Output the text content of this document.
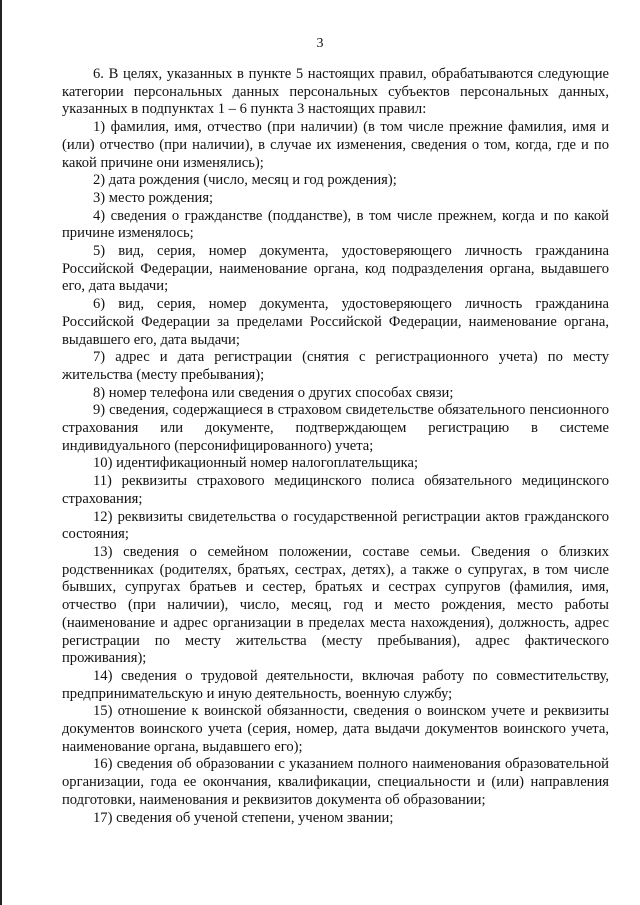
3

6. В целях, указанных в пункте 5 настоящих правил, обрабатываются следующие категории персональных данных персональных субъектов персональных данных, указанных в подпунктах 1 – 6 пункта 3 настоящих правил:

1) фамилия, имя, отчество (при наличии) (в том числе прежние фамилия, имя и (или) отчество (при наличии), в случае их изменения, сведения о том, когда, где и по какой причине они изменялись);

2) дата рождения (число, месяц и год рождения);

3) место рождения;

4) сведения о гражданстве (подданстве), в том числе прежнем, когда и по какой причине изменялось;

5) вид, серия, номер документа, удостоверяющего личность гражданина Российской Федерации, наименование органа, код подразделения органа, выдавшего его, дата выдачи;

6) вид, серия, номер документа, удостоверяющего личность гражданина Российской Федерации за пределами Российской Федерации, наименование органа, выдавшего его, дата выдачи;

7) адрес и дата регистрации (снятия с регистрационного учета) по месту жительства (месту пребывания);

8) номер телефона или сведения о других способах связи;

9) сведения, содержащиеся в страховом свидетельстве обязательного пенсионного страхования или документе, подтверждающем регистрацию в системе индивидуального (персонифицированного) учета;

10) идентификационный номер налогоплательщика;

11) реквизиты страхового медицинского полиса обязательного медицинского страхования;

12) реквизиты свидетельства о государственной регистрации актов гражданского состояния;

13) сведения о семейном положении, составе семьи. Сведения о близких родственниках (родителях, братьях, сестрах, детях), а также о супругах, в том числе бывших, супругах братьев и сестер, братьях и сестрах супругов (фамилия, имя, отчество (при наличии), число, месяц, год и место рождения, место работы (наименование и адрес организации в пределах места нахождения), должность, адрес регистрации по месту жительства (месту пребывания), адрес фактического проживания);

14) сведения о трудовой деятельности, включая работу по совместительству, предпринимательскую и иную деятельность, военную службу;

15) отношение к воинской обязанности, сведения о воинском учете и реквизиты документов воинского учета (серия, номер, дата выдачи документов воинского учета, наименование органа, выдавшего его);

16) сведения об образовании с указанием полного наименования образовательной организации, года ее окончания, квалификации, специальности и (или) направления подготовки, наименования и реквизитов документа об образовании;

17) сведения об ученой степени, ученом звании;
